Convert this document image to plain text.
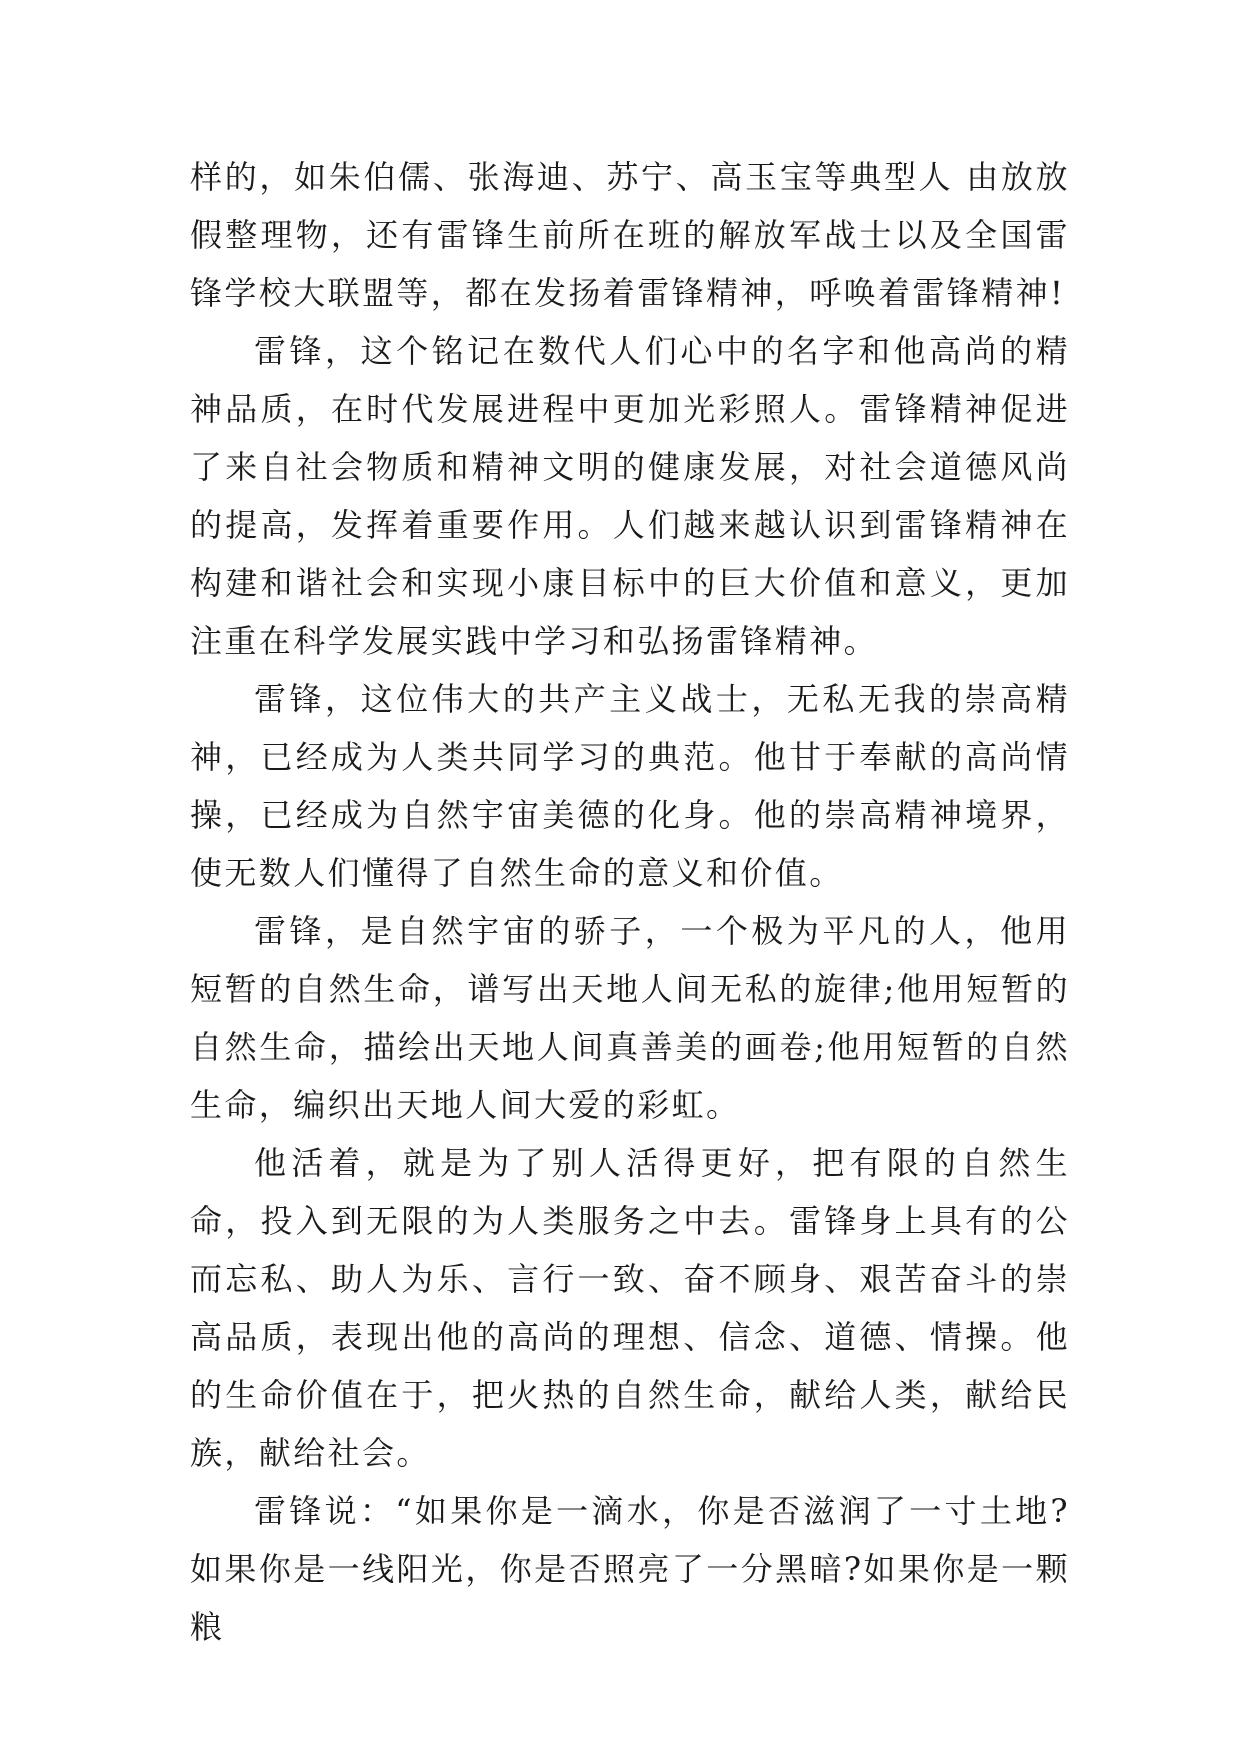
样的，如朱伯儒、张海迪、苏宁、高玉宝等典型人 由放放假整理物，还有雷锋生前所在班的解放军战士以及全国雷锋学校大联盟等，都在发扬着雷锋精神，呼唤着雷锋精神!

雷锋，这个铭记在数代人们心中的名字和他高尚的精神品质，在时代发展进程中更加光彩照人。雷锋精神促进了来自社会物质和精神文明的健康发展，对社会道德风尚的提高，发挥着重要作用。人们越来越认识到雷锋精神在构建和谐社会和实现小康目标中的巨大价值和意义，更加注重在科学发展实践中学习和弘扬雷锋精神。

雷锋，这位伟大的共产主义战士，无私无我的崇高精神，已经成为人类共同学习的典范。他甘于奉献的高尚情操，已经成为自然宇宙美德的化身。他的崇高精神境界，使无数人们懂得了自然生命的意义和价值。

雷锋，是自然宇宙的骄子，一个极为平凡的人，他用短暂的自然生命，谱写出天地人间无私的旋律;他用短暂的自然生命，描绘出天地人间真善美的画卷;他用短暂的自然生命，编织出天地人间大爱的彩虹。

他活着，就是为了别人活得更好，把有限的自然生命，投入到无限的为人类服务之中去。雷锋身上具有的公而忘私、助人为乐、言行一致、奋不顾身、艰苦奋斗的崇高品质，表现出他的高尚的理想、信念、道德、情操。他的生命价值在于，把火热的自然生命，献给人类，献给民族，献给社会。

雷锋说：“如果你是一滴水，你是否滋润了一寸土地?如果你是一线阳光，你是否照亮了一分黑暗?如果你是一颗粮
